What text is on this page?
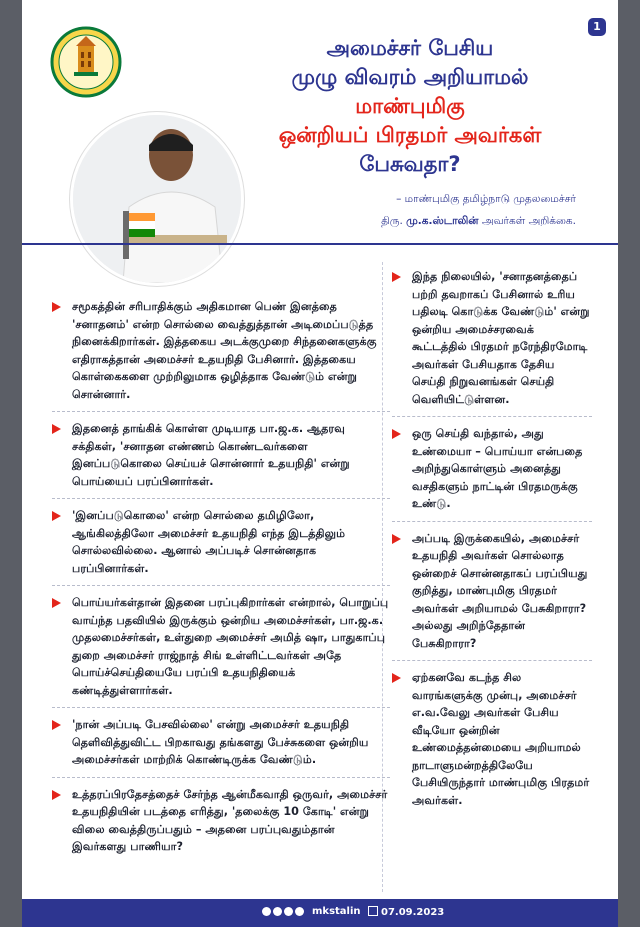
1
அமைச்சர் பேசிய
முழு விவரம் அறியாமல்
மாண்புமிகு
ஒன்றியப் பிரதமர் அவர்கள்
பேசுவதா?
– மாண்புமிகு தமிழ்நாடு முதலமைச்சர்
திரு. மு.க.ஸ்டாலின் அவர்கள் அறிக்கை.
சமூகத்தின் சரிபாதிக்கும் அதிகமான பெண் இனத்தை 'சனாதனம்' என்ற சொல்லை வைத்துத்தான் அடிமைப்படுத்த நினைக்கிறார்கள். இத்தகைய அடக்குமுறை சிந்தனைகளுக்கு எதிராகத்தான் அமைச்சர் உதயநிதி பேசினார். இத்தகைய கொள்கைகளை முற்றிலுமாக ஒழித்தாக வேண்டும் என்று சொன்னார்.
இதனைத் தாங்கிக் கொள்ள முடியாத பா.ஜ.க. ஆதரவு சக்திகள், 'சனாதன எண்ணம் கொண்டவர்களை இனப்படுகொலை செய்யச் சொன்னார் உதயநிதி' என்று பொய்யைப் பரப்பினார்கள்.
'இனப்படுகொலை' என்ற சொல்லை தமிழிலோ, ஆங்கிலத்திலோ அமைச்சர் உதயநிதி எந்த இடத்திலும் சொல்லவில்லை. ஆனால் அப்படிச் சொன்னதாக பரப்பினார்கள்.
பொய்யர்கள்தான் இதனை பரப்புகிறார்கள் என்றால், பொறுப்பு வாய்ந்த பதவியில் இருக்கும் ஒன்றிய அமைச்சர்கள், பா.ஜ.க. முதலமைச்சர்கள், உள்துறை அமைச்சர் அமித் ஷா, பாதுகாப்பு துறை அமைச்சர் ராஜ்நாத் சிங் உள்ளிட்டவர்கள் அதே பொய்ச்செய்தியையே பரப்பி உதயநிதியைக் கண்டித்துள்ளார்கள்.
'நான் அப்படி பேசவில்லை' என்று அமைச்சர் உதயநிதி தெளிவித்துவிட்ட பிறகாவது தங்களது பேச்சுகளை ஒன்றிய அமைச்சர்கள் மாற்றிக் கொண்டிருக்க வேண்டும்.
உத்தரப்பிரதேசத்தைச் சேர்ந்த ஆன்மீகவாதி ஒருவர், அமைச்சர் உதயநிதியின் படத்தை எரித்து, 'தலைக்கு 10 கோடி' என்று விலை வைத்திருப்பதும் – அதனை பரப்புவதும்தான் இவர்களது பாணியா?
இந்த நிலையில், 'சனாதனத்தைப் பற்றி தவறாகப் பேசினால் உரிய பதிலடி கொடுக்க வேண்டும்' என்று ஒன்றிய அமைச்சரவைக் கூட்டத்தில் பிரதமர் நரேந்திரமோடி அவர்கள் பேசியதாக தேசிய செய்தி நிறுவனங்கள் செய்தி வெளியிட்டுள்ளன.
ஒரு செய்தி வந்தால், அது உண்மையா – பொய்யா என்பதை அறிந்துகொள்ளும் அனைத்து வசதிகளும் நாட்டின் பிரதமருக்கு உண்டு.
அப்படி இருக்கையில், அமைச்சர் உதயநிதி அவர்கள் சொல்லாத ஒன்றைச் சொன்னதாகப் பரப்பியது குறித்து, மாண்புமிகு பிரதமர் அவர்கள் அறியாமல் பேசுகிறாரா? அல்லது அறிந்தேதான் பேசுகிறாரா?
ஏற்கனவே கடந்த சில வாரங்களுக்கு முன்பு, அமைச்சர் எ.வ.வேலு அவர்கள் பேசிய வீடியோ ஒன்றின் உண்மைத்தன்மையை அறியாமல் நாடாளுமன்றத்திலேயே பேசியிருந்தார் மாண்புமிகு பிரதமர் அவர்கள்.
mkstalin	07.09.2023
